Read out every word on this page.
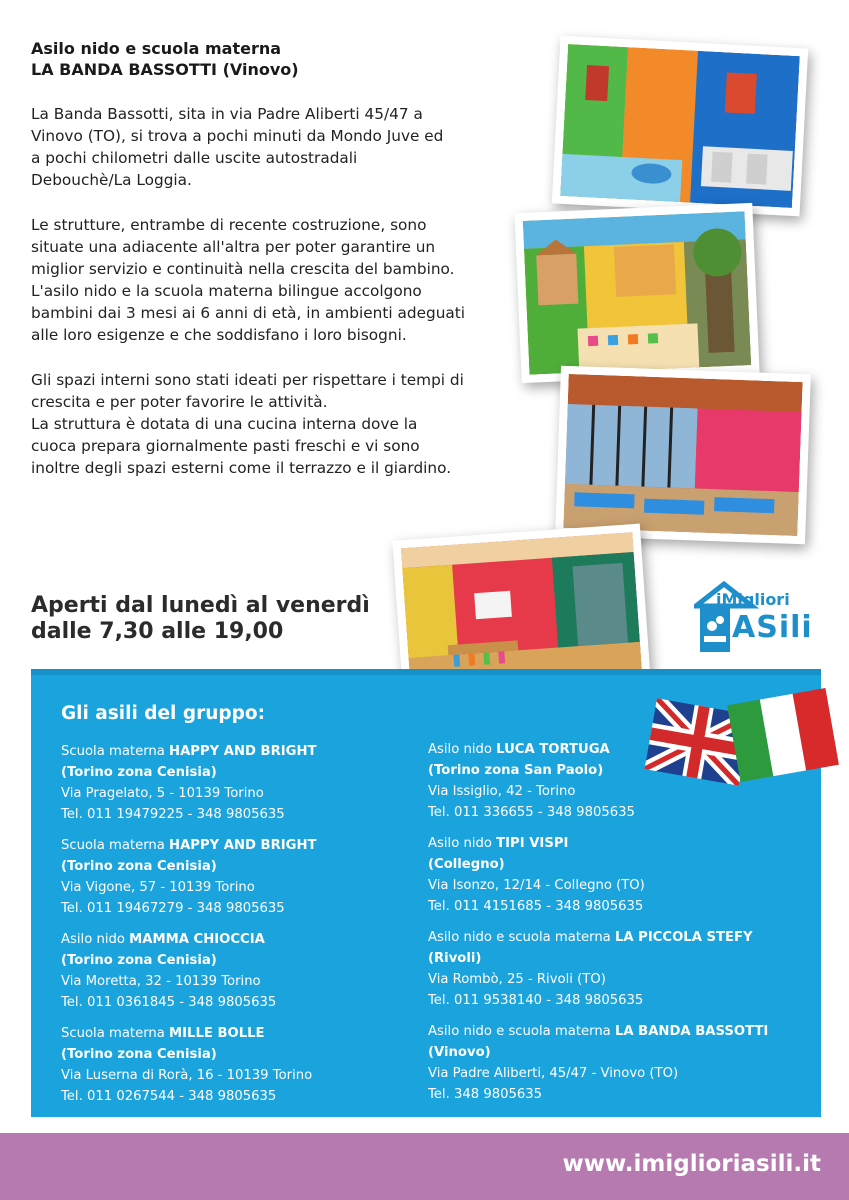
Asilo nido e scuola materna
LA BANDA BASSOTTI (Vinovo)
La Banda Bassotti, sita in via Padre Aliberti 45/47 a
Vinovo (TO), si trova a pochi minuti da Mondo Juve ed
a pochi chilometri dalle uscite autostradali
Debouchè/La Loggia.
Le strutture, entrambe di recente costruzione, sono
situate una adiacente all'altra per poter garantire un
miglior servizio e continuità nella crescita del bambino.
L'asilo nido e la scuola materna bilingue accolgono
bambini dai 3 mesi ai 6 anni di età, in ambienti adeguati
alle loro esigenze e che soddisfano i loro bisogni.
Gli spazi interni sono stati ideati per rispettare i tempi di
crescita e per poter favorire le attività.
La struttura è dotata di una cucina interna dove la
cuoca prepara giornalmente pasti freschi e vi sono
inoltre degli spazi esterni come il terrazzo e il giardino.
Aperti dal lunedì al venerdì
dalle 7,30 alle 19,00
iMigliori
ASili
Gli asili del gruppo:
Scuola materna HAPPY AND BRIGHT
(Torino zona Cenisia)
Via Pragelato, 5 - 10139 Torino
Tel. 011 19479225 - 348 9805635
Scuola materna HAPPY AND BRIGHT
(Torino zona Cenisia)
Via Vigone, 57 - 10139 Torino
Tel. 011 19467279 - 348 9805635
Asilo nido MAMMA CHIOCCIA
(Torino zona Cenisia)
Via Moretta, 32 - 10139 Torino
Tel. 011 0361845 - 348 9805635
Scuola materna MILLE BOLLE
(Torino zona Cenisia)
Via Luserna di Rorà, 16 - 10139 Torino
Tel. 011 0267544 - 348 9805635
Asilo nido LUCA TORTUGA
(Torino zona San Paolo)
Via Issiglio, 42 - Torino
Tel. 011 336655 - 348 9805635
Asilo nido TIPI VISPI
(Collegno)
Via Isonzo, 12/14 - Collegno (TO)
Tel. 011 4151685 - 348 9805635
Asilo nido e scuola materna LA PICCOLA STEFY
(Rivoli)
Via Rombò, 25 - Rivoli (TO)
Tel. 011 9538140 - 348 9805635
Asilo nido e scuola materna LA BANDA BASSOTTI
(Vinovo)
Via Padre Aliberti, 45/47 - Vinovo (TO)
Tel. 348 9805635
www.imiglioriasili.it
